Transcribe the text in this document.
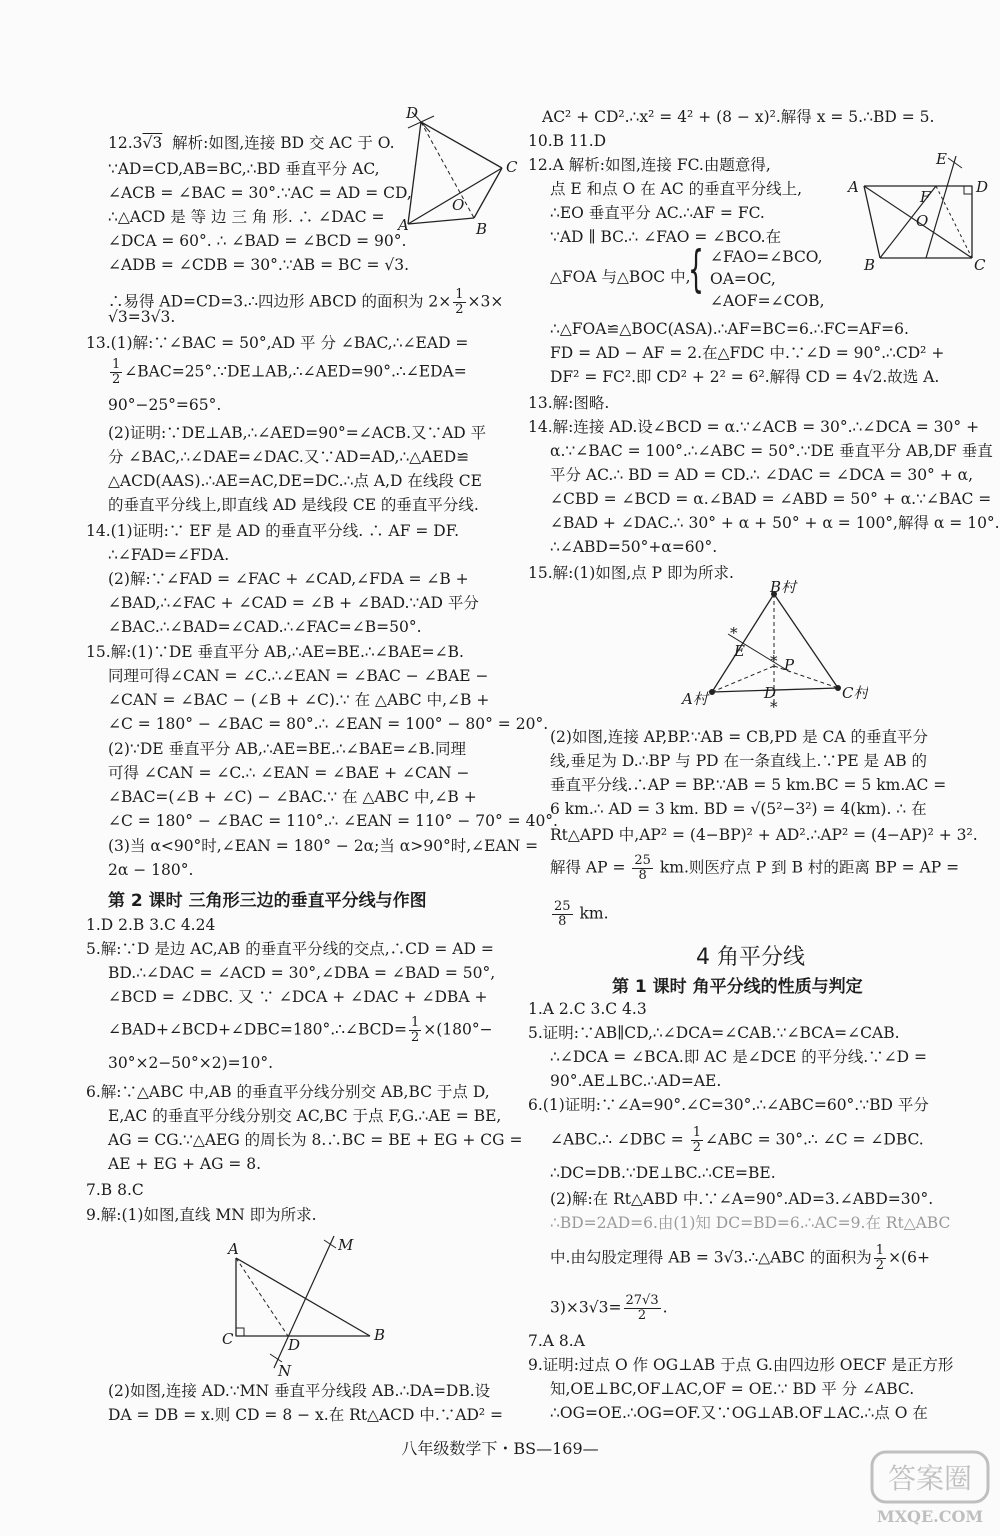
12.3√3 解析:如图,连接 BD 交 AC 于 O.
∵AD=CD,AB=BC,∴BD 垂直平分 AC,
∠ACB = ∠BAC = 30°.∵AC = AD = CD,
∴△ACD 是 等 边 三 角 形. ∴ ∠DAC =
∠DCA = 60°. ∴ ∠BAD = ∠BCD = 90°.
∠ADB = ∠CDB = 30°.∵AB = BC = √3.
D
C
A	B
O
∴易得 AD=CD=3.∴四边形 ABCD 的面积为 $2\times \frac{1}{2} \times 3\times$
√3=3√3.
13.(1)解:∵∠BAC = 50°,AD 平 分 ∠BAC,∴∠EAD =
$\frac{1}{2}$ ∠BAC=25°.∵DE⊥AB,∴∠AED=90°.∴∠EDA=
90°−25°=65°.
(2)证明:∵DE⊥AB,∴∠AED=90°=∠ACB.又∵AD 平
分 ∠BAC,∴∠DAE=∠DAC.又∵AD=AD,∴△AED≌
△ACD(AAS).∴AE=AC,DE=DC.∴点 A,D 在线段 CE
的垂直平分线上,即直线 AD 是线段 CE 的垂直平分线.
14.(1)证明:∵ EF 是 AD 的垂直平分线. ∴ AF = DF.
∴∠FAD=∠FDA.
(2)解:∵∠FAD = ∠FAC + ∠CAD,∠FDA = ∠B +
∠BAD,∴∠FAC + ∠CAD = ∠B + ∠BAD.∵AD 平分
∠BAC.∴∠BAD=∠CAD.∴∠FAC=∠B=50°.
15.解:(1)∵DE 垂直平分 AB,∴AE=BE.∴∠BAE=∠B.
同理可得∠CAN = ∠C.∴∠EAN = ∠BAC − ∠BAE −
∠CAN = ∠BAC − (∠B + ∠C).∵ 在 △ABC 中,∠B +
∠C = 180° − ∠BAC = 80°.∴ ∠EAN = 100° − 80° = 20°.
(2)∵DE 垂直平分 AB,∴AE=BE.∴∠BAE=∠B.同理
可得 ∠CAN = ∠C.∴ ∠EAN = ∠BAE + ∠CAN −
∠BAC=(∠B + ∠C) − ∠BAC.∵ 在 △ABC 中,∠B +
∠C = 180° − ∠BAC = 110°.∴ ∠EAN = 110° − 70° = 40°.
(3)当 α<90°时,∠EAN = 180° − 2α;当 α>90°时,∠EAN =
2α − 180°.
第 2 课时 三角形三边的垂直平分线与作图
1.D 2.B 3.C 4.24
5.解:∵D 是边 AC,AB 的垂直平分线的交点,∴CD = AD =
BD.∴∠DAC = ∠ACD = 30°,∠DBA = ∠BAD = 50°,
∠BCD = ∠DBC. 又 ∵ ∠DCA + ∠DAC + ∠DBA +
∠BAD+∠BCD+∠DBC=180°.∴∠BCD= $\frac{1}{2} \times(180^\circ-$
30°×2−50°×2)=10°.
6.解:∵△ABC 中,AB 的垂直平分线分别交 AB,BC 于点 D,
E,AC 的垂直平分线分别交 AC,BC 于点 F,G.∴AE = BE,
AG = CG.∵△AEG 的周长为 8.∴BC = BE + EG + CG =
AE + EG + AG = 8.
7.B 8.C
9.解:(1)如图,直线 MN 即为所求.
A	M
C	D
B
N
(2)如图,连接 AD.∵MN 垂直平分线段 AB.∴DA=DB.设
DA = DB = x.则 CD = 8 − x.在 Rt△ACD 中.∵AD² =
AC² + CD².∴x² = 4² + (8 − x)².解得 x = 5.∴BD = 5.
10.B 11.D
12.A 解析:如图,连接 FC.由题意得,
点 E 和点 O 在 AC 的垂直平分线上,
∴EO 垂直平分 AC.∴AF = FC.
∵AD ∥ BC.∴ ∠FAO = ∠BCO.在
△FOA 与△BOC 中,
{ ∠FAO=∠BCO,
OA=OC,
∠AOF=∠COB,
E
D
A
F
O
B	C
∴△FOA≌△BOC(ASA).∴AF=BC=6.∴FC=AF=6.
FD = AD − AF = 2.在△FDC 中.∵∠D = 90°.∴CD² +
DF² = FC².即 CD² + 2² = 6².解得 CD = 4√2.故选 A.
13.解:图略.
14.解:连接 AD.设∠BCD = α.∵∠ACB = 30°.∴∠DCA = 30° +
α.∵∠BAC = 100°.∴∠ABC = 50°.∵DE 垂直平分 AB,DF 垂直
平分 AC.∴ BD = AD = CD.∴ ∠DAC = ∠DCA = 30° + α,
∠CBD = ∠BCD = α.∠BAD = ∠ABD = 50° + α.∵∠BAC =
∠BAD + ∠DAC.∴ 30° + α + 50° + α = 100°,解得 α = 10°.
∴∠ABD=50°+α=60°.
15.解:(1)如图,点 P 即为所求.
*
*
*
B村
A村	C村
E
P
D
(2)如图,连接 AP,BP.∵AB = CB,PD 是 CA 的垂直平分
线,垂足为 D.∴BP 与 PD 在一条直线上.∵PE 是 AB 的
垂直平分线.∴AP = BP.∵AB = 5 km.BC = 5 km.AC =
6 km.∴ AD = 3 km. BD = √(5²−3²) = 4(km). ∴ 在
Rt△APD 中,AP² = (4−BP)² + AD².∴AP² = (4−AP)² + 3².
解得 AP = $\frac{25}{8}$ km.则医疗点 P 到 B 村的距离 BP = AP =
$\frac{25}{8}$ km.
4 角平分线
第 1 课时 角平分线的性质与判定
1.A 2.C 3.C 4.3
5.证明:∵AB∥CD,∴∠DCA=∠CAB.∵∠BCA=∠CAB.
∴∠DCA = ∠BCA.即 AC 是∠DCE 的平分线.∵∠D =
90°.AE⊥BC.∴AD=AE.
6.(1)证明:∵∠A=90°.∠C=30°.∴∠ABC=60°.∵BD 平分
∠ABC.∴ ∠DBC = $\frac{1}{2}$ ∠ABC = 30°.∴ ∠C = ∠DBC.
∴DC=DB.∵DE⊥BC.∴CE=BE.
(2)解:在 Rt△ABD 中.∵∠A=90°.AD=3.∠ABD=30°.
∴BD=2AD=6.由(1)知 DC=BD=6.∴AC=9.在 Rt△ABC
中.由勾股定理得 AB = 3√3.∴△ABC 的面积为 $\frac{1}{2} \times(6+$
$3)\times 3√3= \frac{27√3}{2}$ .
7.A 8.A
9.证明:过点 O 作 OG⊥AB 于点 G.由四边形 OECF 是正方形
知,OE⊥BC,OF⊥AC,OF = OE.∵ BD 平 分 ∠ABC.
∴OG=OE.∴OG=OF.又∵OG⊥AB.OF⊥AC.∴点 O 在
八年级数学下・BS—169—
答案圈
MXQE.COM
